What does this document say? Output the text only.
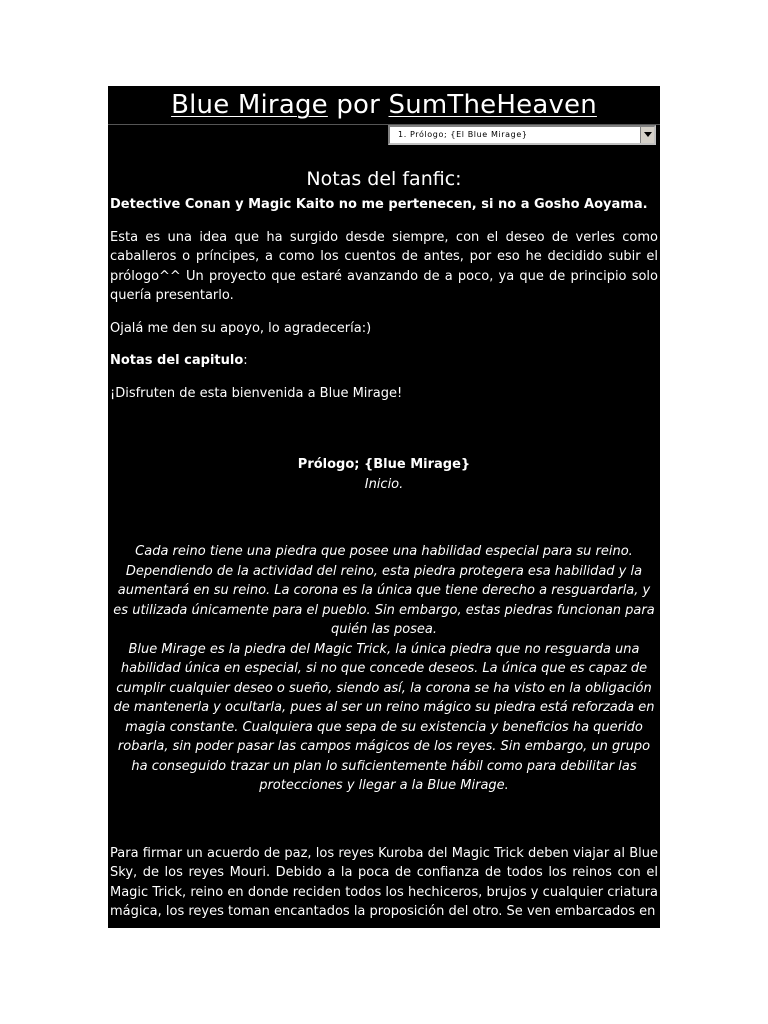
Blue Mirage por SumTheHeaven
1. Prólogo; {El Blue Mirage}
Notas del fanfic:

Detective Conan y Magic Kaito no me pertenecen, si no a Gosho Aoyama.

Esta es una idea que ha surgido desde siempre, con el deseo de verles como caballeros o príncipes, a como los cuentos de antes, por eso he decidido subir el prólogo^^ Un proyecto que estaré avanzando de a poco, ya que de principio solo quería presentarlo.

Ojalá me den su apoyo, lo agradecería:)

Notas del capitulo:

¡Disfruten de esta bienvenida a Blue Mirage!

Prólogo; {Blue Mirage}

Inicio.

Cada reino tiene una piedra que posee una habilidad especial para su reino. Dependiendo de la actividad del reino, esta piedra protegera esa habilidad y la aumentará en su reino. La corona es la única que tiene derecho a resguardarla, y es utilizada únicamente para el pueblo. Sin embargo, estas piedras funcionan para quién las posea.

Blue Mirage es la piedra del Magic Trick, la única piedra que no resguarda una habilidad única en especial, si no que concede deseos. La única que es capaz de cumplir cualquier deseo o sueño, siendo así, la corona se ha visto en la obligación de mantenerla y ocultarla, pues al ser un reino mágico su piedra está reforzada en magia constante. Cualquiera que sepa de su existencia y beneficios ha querido robarla, sin poder pasar las campos mágicos de los reyes. Sin embargo, un grupo ha conseguido trazar un plan lo suficientemente hábil como para debilitar las protecciones y llegar a la Blue Mirage.

Para firmar un acuerdo de paz, los reyes Kuroba del Magic Trick deben viajar al Blue Sky, de los reyes Mouri. Debido a la poca de confianza de todos los reinos con el Magic Trick, reino en donde reciden todos los hechiceros, brujos y cualquier criatura mágica, los reyes toman encantados la proposición del otro. Se ven embarcados en
